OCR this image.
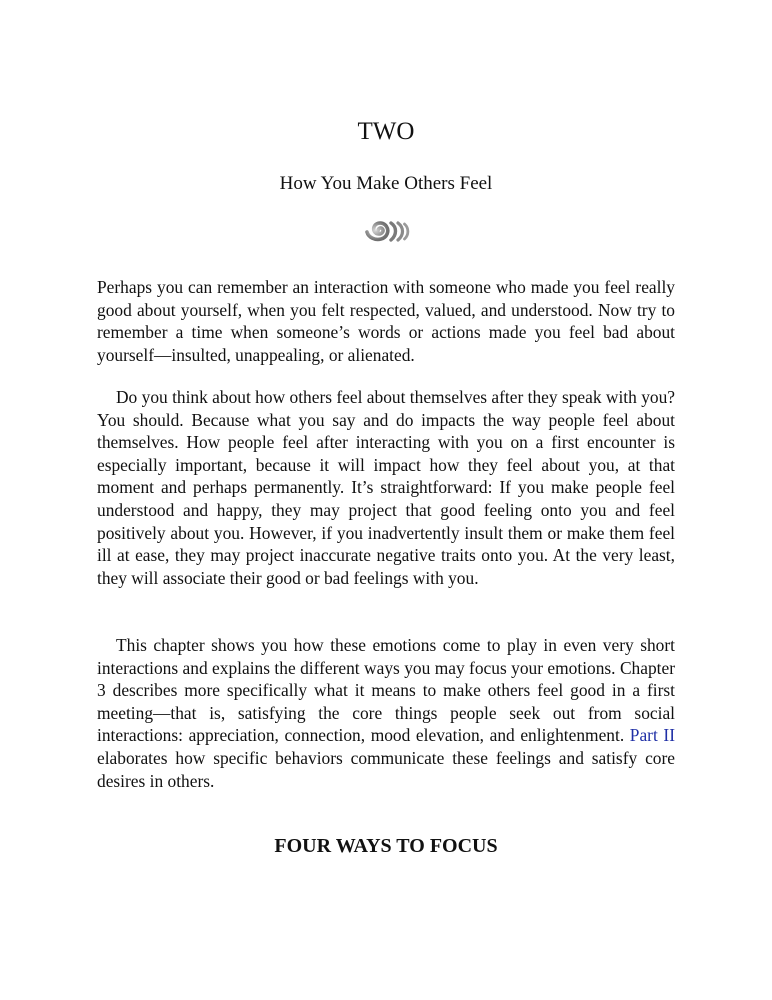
TWO
How You Make Others Feel

Perhaps you can remember an interaction with someone who made you feel really good about yourself, when you felt respected, valued, and understood. Now try to remember a time when someone’s words or actions made you feel bad about yourself—insulted, unappealing, or alienated.

Do you think about how others feel about themselves after they speak with you? You should. Because what you say and do impacts the way people feel about themselves. How people feel after interacting with you on a first encounter is especially important, because it will impact how they feel about you, at that moment and perhaps permanently. It’s straightforward: If you make people feel understood and happy, they may project that good feeling onto you and feel positively about you. However, if you inadvertently insult them or make them feel ill at ease, they may project inaccurate negative traits onto you. At the very least, they will associate their good or bad feelings with you.

This chapter shows you how these emotions come to play in even very short interactions and explains the different ways you may focus your emotions. Chapter 3 describes more specifically what it means to make others feel good in a first meeting—that is, satisfying the core things people seek out from social interactions: appreciation, connection, mood elevation, and enlightenment. Part II elaborates how specific behaviors communicate these feelings and satisfy core desires in others.

FOUR WAYS TO FOCUS
